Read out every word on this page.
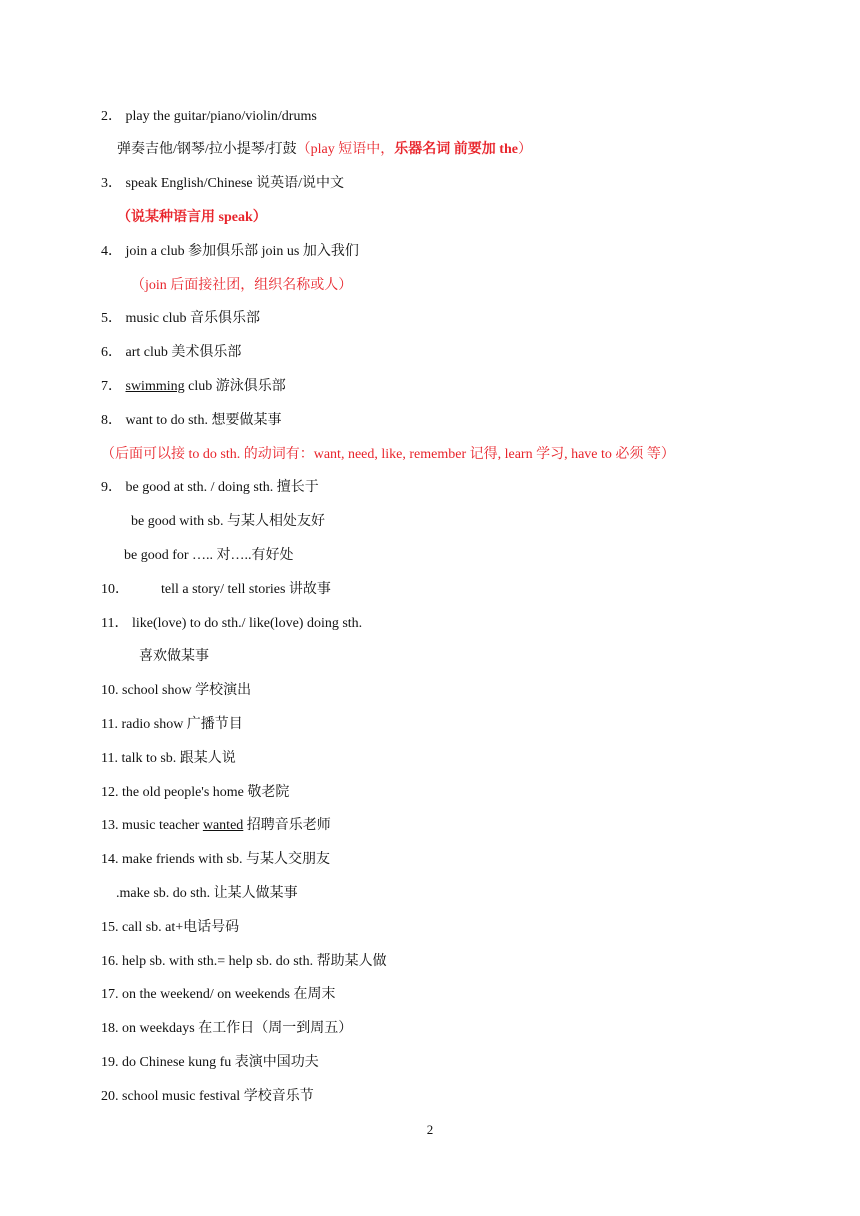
2． play the guitar/piano/violin/drums
弹奏吉他/钢琴/拉小提琴/打鼓（play 短语中，乐器名词 前要加 the）
3． speak English/Chinese 说英语/说中文
（说某种语言用 speak）
4． join a club 参加俱乐部 join us 加入我们
（join 后面接社团，组织名称或人）
5． music club 音乐俱乐部
6． art club 美术俱乐部
7． swimming club 游泳俱乐部
8． want to do sth. 想要做某事
（后面可以接 to do sth. 的动词有：want, need, like, remember 记得, learn 学习, have to 必须 等）
9． be good at sth. / doing sth. 擅长于
be good with sb. 与某人相处友好
be good for ….. 对…..有好处
10． tell a story/ tell stories 讲故事
11． like(love) to do sth./ like(love) doing sth.
喜欢做某事
10. school show 学校演出
11. radio show 广播节目
11. talk to sb. 跟某人说
12. the old people's home 敬老院
13. music teacher wanted 招聘音乐老师
14. make friends with sb. 与某人交朋友
.make sb. do sth. 让某人做某事
15. call sb. at+电话号码
16. help sb. with sth.= help sb. do sth. 帮助某人做
17. on the weekend/ on weekends 在周末
18. on weekdays 在工作日（周一到周五）
19. do Chinese kung fu 表演中国功夫
20. school music festival 学校音乐节
2
